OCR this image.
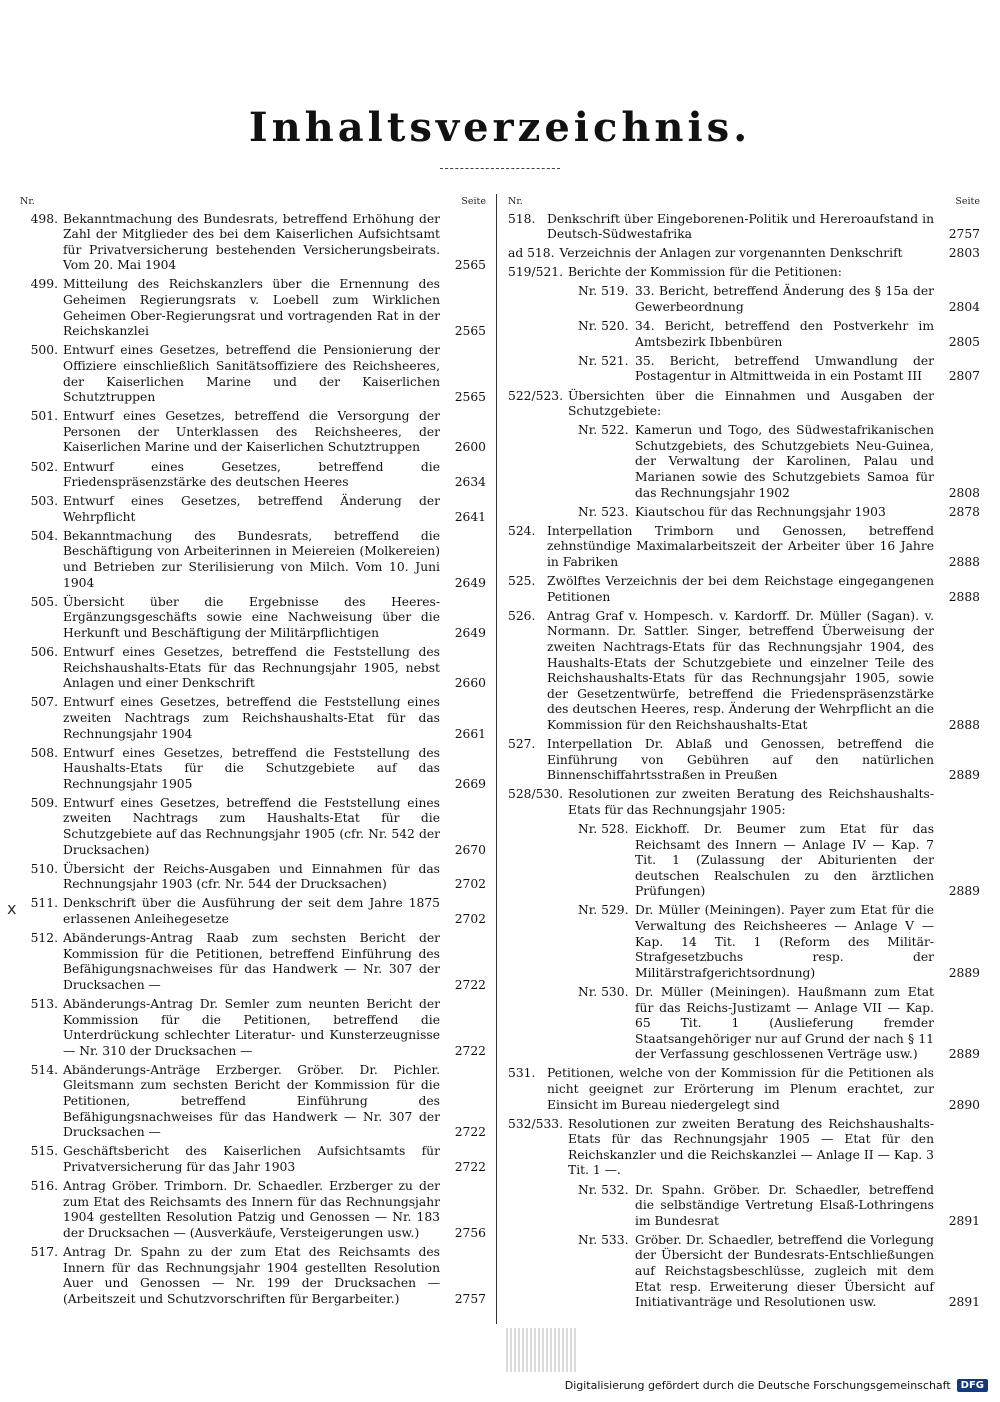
Inhaltsverzeichnis.
x
Nr.	Seite
498. Bekanntmachung des Bundesrats, betreffend Erhöhung der Zahl der Mitglieder des bei dem Kaiserlichen Aufsichtsamt für Privatversicherung bestehenden Versicherungsbeirats. Vom 20. Mai 1904	2565
499. Mitteilung des Reichskanzlers über die Ernennung des Geheimen Regierungsrats v. Loebell zum Wirklichen Geheimen Ober-Regierungsrat und vortragenden Rat in der Reichskanzlei	2565
500. Entwurf eines Gesetzes, betreffend die Pensionierung der Offiziere einschließlich Sanitätsoffiziere des Reichsheeres, der Kaiserlichen Marine und der Kaiserlichen Schutztruppen	2565
501. Entwurf eines Gesetzes, betreffend die Versorgung der Personen der Unterklassen des Reichsheeres, der Kaiserlichen Marine und der Kaiserlichen Schutztruppen	2600
502. Entwurf eines Gesetzes, betreffend die Friedenspräsenzstärke des deutschen Heeres	2634
503. Entwurf eines Gesetzes, betreffend Änderung der Wehrpflicht	2641
504. Bekanntmachung des Bundesrats, betreffend die Beschäftigung von Arbeiterinnen in Meiereien (Molkereien) und Betrieben zur Sterilisierung von Milch. Vom 10. Juni 1904	2649
505. Übersicht über die Ergebnisse des Heeres-Ergänzungsgeschäfts sowie eine Nachweisung über die Herkunft und Beschäftigung der Militärpflichtigen	2649
506. Entwurf eines Gesetzes, betreffend die Feststellung des Reichshaushalts-Etats für das Rechnungsjahr 1905, nebst Anlagen und einer Denkschrift	2660
507. Entwurf eines Gesetzes, betreffend die Feststellung eines zweiten Nachtrags zum Reichshaushalts-Etat für das Rechnungsjahr 1904	2661
508. Entwurf eines Gesetzes, betreffend die Feststellung des Haushalts-Etats für die Schutzgebiete auf das Rechnungsjahr 1905	2669
509. Entwurf eines Gesetzes, betreffend die Feststellung eines zweiten Nachtrags zum Haushalts-Etat für die Schutzgebiete auf das Rechnungsjahr 1905 (cfr. Nr. 542 der Drucksachen)	2670
510. Übersicht der Reichs-Ausgaben und Einnahmen für das Rechnungsjahr 1903 (cfr. Nr. 544 der Drucksachen)	2702
511. Denkschrift über die Ausführung der seit dem Jahre 1875 erlassenen Anleihegesetze	2702
512. Abänderungs-Antrag Raab zum sechsten Bericht der Kommission für die Petitionen, betreffend Einführung des Befähigungsnachweises für das Handwerk — Nr. 307 der Drucksachen —	2722
513. Abänderungs-Antrag Dr. Semler zum neunten Bericht der Kommission für die Petitionen, betreffend die Unterdrückung schlechter Literatur- und Kunsterzeugnisse — Nr. 310 der Drucksachen —	2722
514. Abänderungs-Anträge Erzberger. Gröber. Dr. Pichler. Gleitsmann zum sechsten Bericht der Kommission für die Petitionen, betreffend Einführung des Befähigungsnachweises für das Handwerk — Nr. 307 der Drucksachen —	2722
515. Geschäftsbericht des Kaiserlichen Aufsichtsamts für Privatversicherung für das Jahr 1903	2722
516. Antrag Gröber. Trimborn. Dr. Schaedler. Erzberger zu der zum Etat des Reichsamts des Innern für das Rechnungsjahr 1904 gestellten Resolution Patzig und Genossen — Nr. 183 der Drucksachen — (Ausverkäufe, Versteigerungen usw.)	2756
517. Antrag Dr. Spahn zu der zum Etat des Reichsamts des Innern für das Rechnungsjahr 1904 gestellten Resolution Auer und Genossen — Nr. 199 der Drucksachen — (Arbeitszeit und Schutzvorschriften für Bergarbeiter.)	2757
Nr.	Seite
518. Denkschrift über Eingeborenen-Politik und Hereroaufstand in Deutsch-Südwestafrika	2757
ad 518. Verzeichnis der Anlagen zur vorgenannten Denkschrift	2803
519/521. Berichte der Kommission für die Petitionen:
Nr. 519. 33. Bericht, betreffend Änderung des § 15a der Gewerbeordnung	2804
Nr. 520. 34. Bericht, betreffend den Postverkehr im Amtsbezirk Ibbenbüren	2805
Nr. 521. 35. Bericht, betreffend Umwandlung der Postagentur in Altmittweida in ein Postamt III	2807
522/523. Übersichten über die Einnahmen und Ausgaben der Schutzgebiete:
Nr. 522. Kamerun und Togo, des Südwestafrikanischen Schutzgebiets, des Schutzgebiets Neu-Guinea, der Verwaltung der Karolinen, Palau und Marianen sowie des Schutzgebiets Samoa für das Rechnungsjahr 1902	2808
Nr. 523. Kiautschou für das Rechnungsjahr 1903	2878
524. Interpellation Trimborn und Genossen, betreffend zehnstündige Maximalarbeitszeit der Arbeiter über 16 Jahre in Fabriken	2888
525. Zwölftes Verzeichnis der bei dem Reichstage eingegangenen Petitionen	2888
526. Antrag Graf v. Hompesch. v. Kardorff. Dr. Müller (Sagan). v. Normann. Dr. Sattler. Singer, betreffend Überweisung der zweiten Nachtrags-Etats für das Rechnungsjahr 1904, des Haushalts-Etats der Schutzgebiete und einzelner Teile des Reichshaushalts-Etats für das Rechnungsjahr 1905, sowie der Gesetzentwürfe, betreffend die Friedenspräsenzstärke des deutschen Heeres, resp. Änderung der Wehrpflicht an die Kommission für den Reichshaushalts-Etat	2888
527. Interpellation Dr. Ablaß und Genossen, betreffend die Einführung von Gebühren auf den natürlichen Binnenschiffahrtsstraßen in Preußen	2889
528/530. Resolutionen zur zweiten Beratung des Reichshaushalts-Etats für das Rechnungsjahr 1905:
Nr. 528. Eickhoff. Dr. Beumer zum Etat für das Reichsamt des Innern — Anlage IV — Kap. 7 Tit. 1 (Zulassung der Abiturienten der deutschen Realschulen zu den ärztlichen Prüfungen)	2889
Nr. 529. Dr. Müller (Meiningen). Payer zum Etat für die Verwaltung des Reichsheeres — Anlage V — Kap. 14 Tit. 1 (Reform des Militär-Strafgesetzbuchs resp. der Militärstrafgerichtsordnung)	2889
Nr. 530. Dr. Müller (Meiningen). Haußmann zum Etat für das Reichs-Justizamt — Anlage VII — Kap. 65 Tit. 1 (Auslieferung fremder Staatsangehöriger nur auf Grund der nach § 11 der Verfassung geschlossenen Verträge usw.)	2889
531. Petitionen, welche von der Kommission für die Petitionen als nicht geeignet zur Erörterung im Plenum erachtet, zur Einsicht im Bureau niedergelegt sind	2890
532/533. Resolutionen zur zweiten Beratung des Reichshaushalts-Etats für das Rechnungsjahr 1905 — Etat für den Reichskanzler und die Reichskanzlei — Anlage II — Kap. 3 Tit. 1 —.
Nr. 532. Dr. Spahn. Gröber. Dr. Schaedler, betreffend die selbständige Vertretung Elsaß-Lothringens im Bundesrat	2891
Nr. 533. Gröber. Dr. Schaedler, betreffend die Vorlegung der Übersicht der Bundesrats-Entschließungen auf Reichstagsbeschlüsse, zugleich mit dem Etat resp. Erweiterung dieser Übersicht auf Initiativanträge und Resolutionen usw.	2891
Digitalisierung gefördert durch die Deutsche Forschungsgemeinschaft	DFG
